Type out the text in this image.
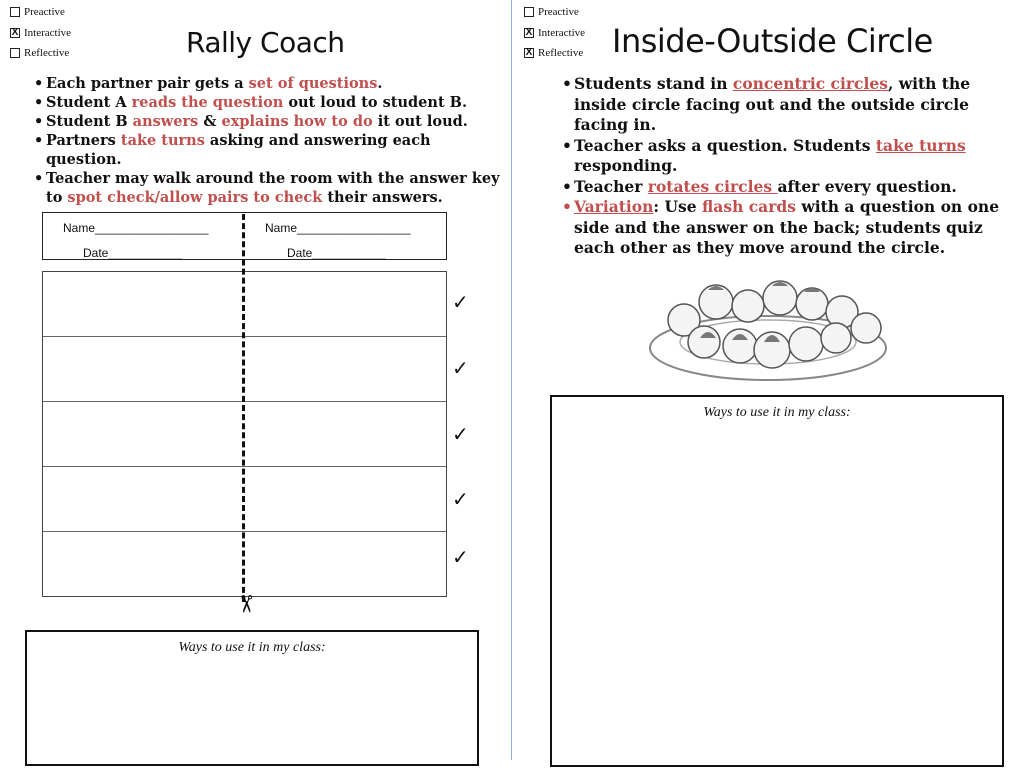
Preactive
X Interactive
Reflective	Rally Coach
• Each partner pair gets a set of questions.
• Student A reads the question out loud to student B.
• Student B answers & explains how to do it out loud.
• Partners take turns asking and answering each question.
• Teacher may walk around the room with the answer key to spot check/allow pairs to check their answers.
Name_________________	Name_________________
Date___________	Date___________
✓
✓
✓
✓
✓
✂
Ways to use it in my class:
Preactive
X Interactive
X Reflective Inside-Outside Circle
• Students stand in concentric circles, with the inside circle facing out and the outside circle facing in.
• Teacher asks a question. Students take turns responding.
• Teacher rotates circles after every question.
• Variation: Use flash cards with a question on one side and the answer on the back; students quiz each other as they move around the circle.
Ways to use it in my class:
